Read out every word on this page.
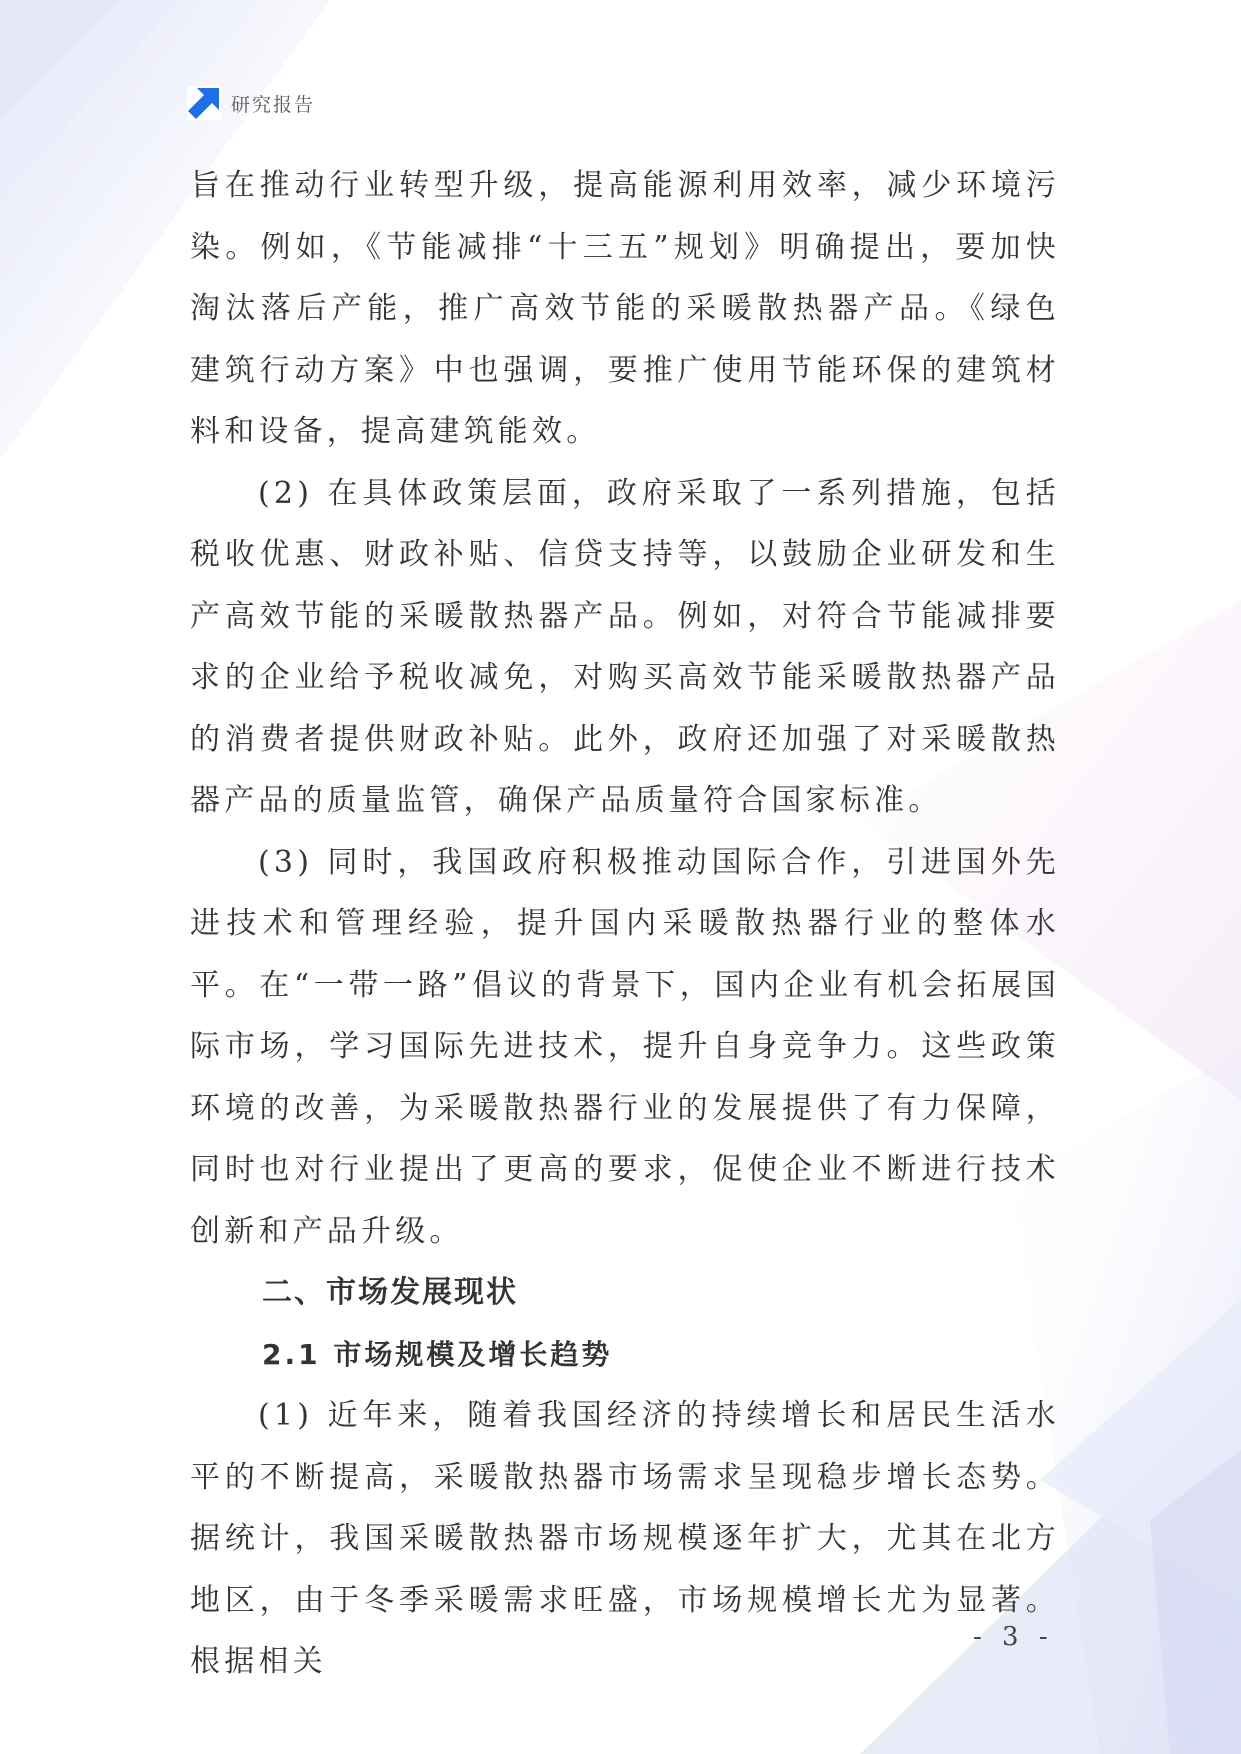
研究报告

旨在推动行业转型升级，提高能源利用效率，减少环境污染。例如，《节能减排“十三五”规划》明确提出，要加快淘汰落后产能，推广高效节能的采暖散热器产品。《绿色建筑行动方案》中也强调，要推广使用节能环保的建筑材料和设备，提高建筑能效。

(2) 在具体政策层面，政府采取了一系列措施，包括税收优惠、财政补贴、信贷支持等，以鼓励企业研发和生产高效节能的采暖散热器产品。例如，对符合节能减排要求的企业给予税收减免，对购买高效节能采暖散热器产品的消费者提供财政补贴。此外，政府还加强了对采暖散热器产品的质量监管，确保产品质量符合国家标准。

(3) 同时，我国政府积极推动国际合作，引进国外先进技术和管理经验，提升国内采暖散热器行业的整体水平。在“一带一路”倡议的背景下，国内企业有机会拓展国际市场，学习国际先进技术，提升自身竞争力。这些政策环境的改善，为采暖散热器行业的发展提供了有力保障，同时也对行业提出了更高的要求，促使企业不断进行技术创新和产品升级。

二、市场发展现状
2.1 市场规模及增长趋势

(1) 近年来，随着我国经济的持续增长和居民生活水平的不断提高，采暖散热器市场需求呈现稳步增长态势。据统计，我国采暖散热器市场规模逐年扩大，尤其在北方地区，由于冬季采暖需求旺盛，市场规模增长尤为显著。根据相关

- 3 -
